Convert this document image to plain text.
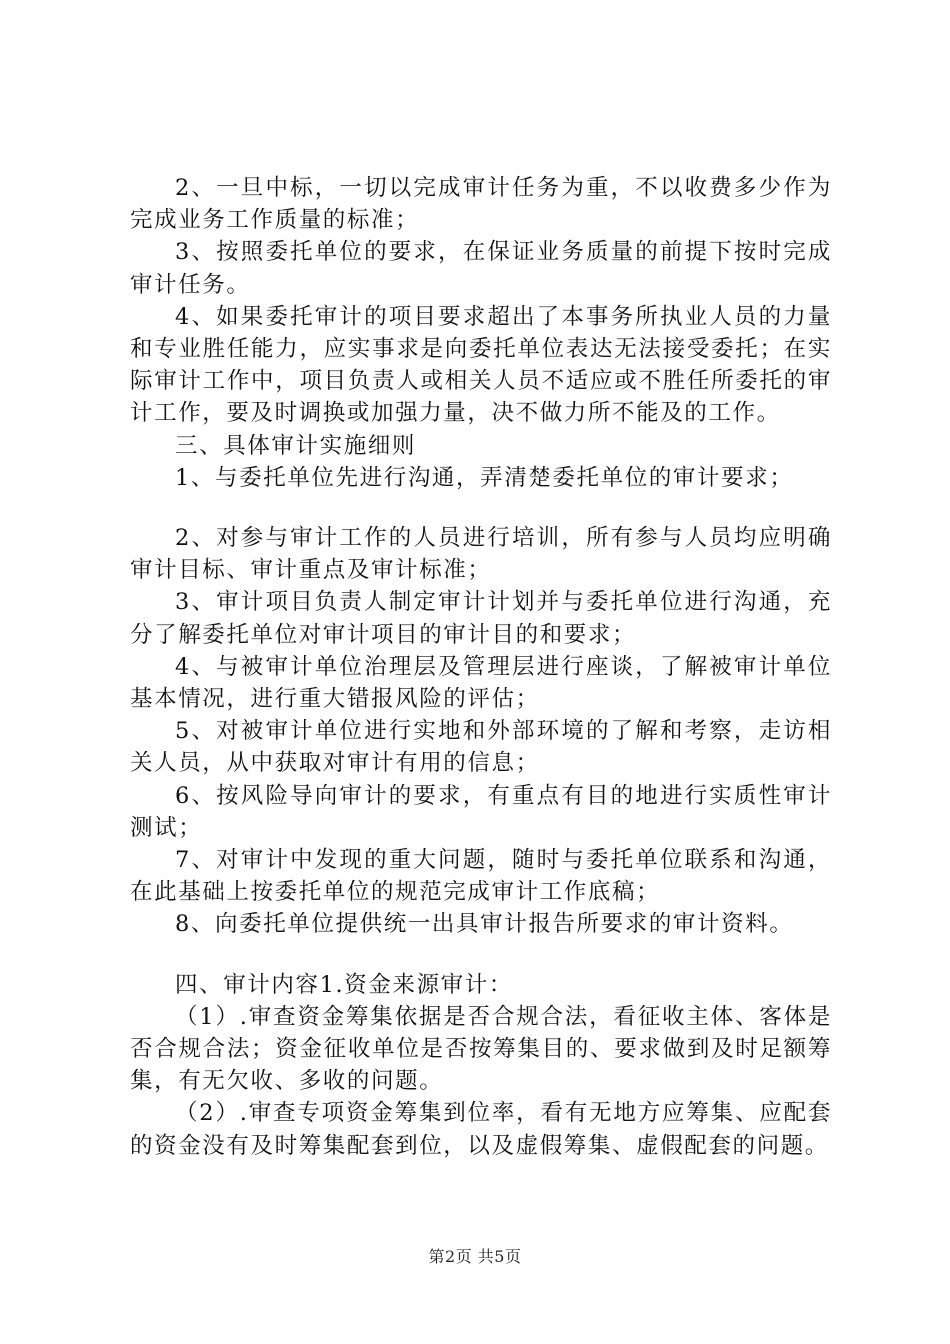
2、一旦中标，一切以完成审计任务为重，不以收费多少作为完成业务工作质量的标准；

3、按照委托单位的要求，在保证业务质量的前提下按时完成审计任务。

4、如果委托审计的项目要求超出了本事务所执业人员的力量和专业胜任能力，应实事求是向委托单位表达无法接受委托；在实际审计工作中，项目负责人或相关人员不适应或不胜任所委托的审计工作，要及时调换或加强力量，决不做力所不能及的工作。

三、具体审计实施细则

1、与委托单位先进行沟通，弄清楚委托单位的审计要求；

2、对参与审计工作的人员进行培训，所有参与人员均应明确审计目标、审计重点及审计标准；

3、审计项目负责人制定审计计划并与委托单位进行沟通，充分了解委托单位对审计项目的审计目的和要求；

4、与被审计单位治理层及管理层进行座谈，了解被审计单位基本情况，进行重大错报风险的评估；

5、对被审计单位进行实地和外部环境的了解和考察，走访相关人员，从中获取对审计有用的信息；

6、按风险导向审计的要求，有重点有目的地进行实质性审计测试；

7、对审计中发现的重大问题，随时与委托单位联系和沟通，在此基础上按委托单位的规范完成审计工作底稿；

8、向委托单位提供统一出具审计报告所要求的审计资料。

四、审计内容1.资金来源审计：

（1）.审查资金筹集依据是否合规合法，看征收主体、客体是否合规合法；资金征收单位是否按筹集目的、要求做到及时足额筹集，有无欠收、多收的问题。

（2）.审查专项资金筹集到位率，看有无地方应筹集、应配套的资金没有及时筹集配套到位，以及虚假筹集、虚假配套的问题。

第2页 共5页
